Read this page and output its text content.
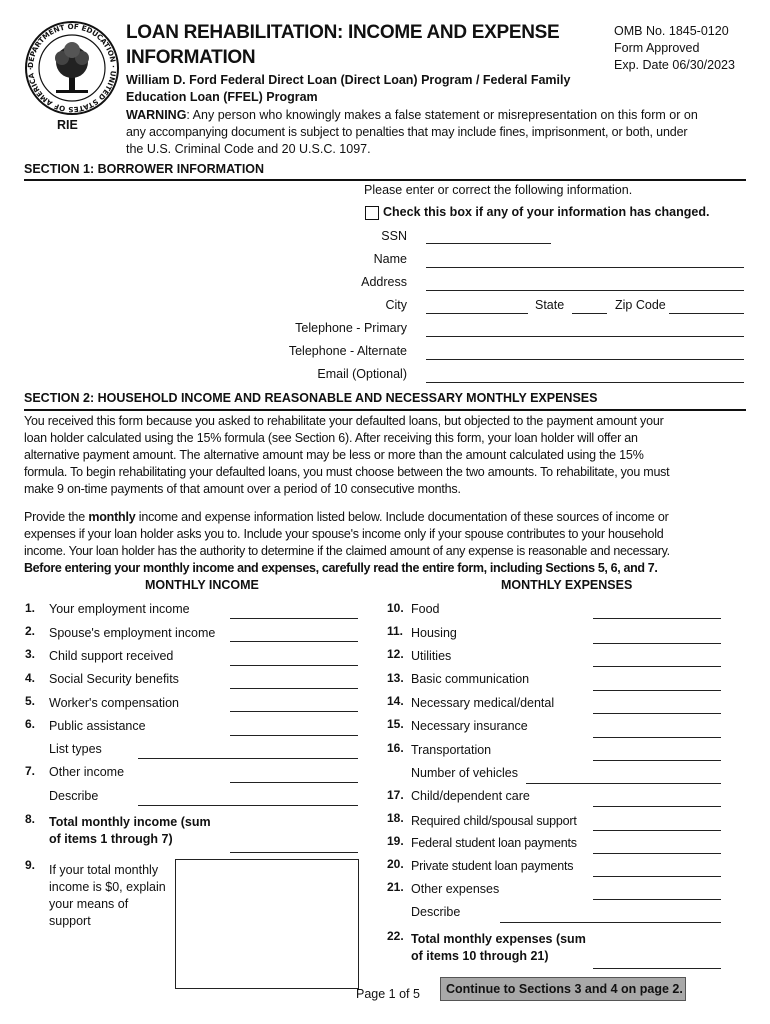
DEPARTMENT OF EDUCATION · UNITED STATES OF AMERICA ·
RIE
LOAN REHABILITATION: INCOME AND EXPENSE
INFORMATION
OMB No. 1845-0120
Form Approved
Exp. Date 06/30/2023
William D. Ford Federal Direct Loan (Direct Loan) Program / Federal Family
Education Loan (FFEL) Program
WARNING: Any person who knowingly makes a false statement or misrepresentation on this form or on
any accompanying document is subject to penalties that may include fines, imprisonment, or both, under
the U.S. Criminal Code and 20 U.S.C. 1097.
SECTION 1: BORROWER INFORMATION
Please enter or correct the following information.
Check this box if any of your information has changed.
SSN
Name
Address
City	State	Zip Code
Telephone - Primary
Telephone - Alternate
Email (Optional)
SECTION 2: HOUSEHOLD INCOME AND REASONABLE AND NECESSARY MONTHLY EXPENSES
You received this form because you asked to rehabilitate your defaulted loans, but objected to the payment amount your
loan holder calculated using the 15% formula (see Section 6). After receiving this form, your loan holder will offer an
alternative payment amount. The alternative amount may be less or more than the amount calculated using the 15%
formula. To begin rehabilitating your defaulted loans, you must choose between the two amounts. To rehabilitate, you must
make 9 on-time payments of that amount over a period of 10 consecutive months.
Provide the monthly income and expense information listed below. Include documentation of these sources of income or
expenses if your loan holder asks you to. Include your spouse's income only if your spouse contributes to your household
income. Your loan holder has the authority to determine if the claimed amount of any expense is reasonable and necessary.
Before entering your monthly income and expenses, carefully read the entire form, including Sections 5, 6, and 7.
MONTHLY INCOME	MONTHLY EXPENSES
1. Your employment income
2. Spouse's employment income
3. Child support received
4. Social Security benefits
5. Worker's compensation
6. Public assistance
List types
7. Other income
Describe
8. Total monthly income (sum
of items 1 through 7)
9. If your total monthly
income is $0, explain
your means of
support
10. Food
11. Housing
12. Utilities
13. Basic communication
14. Necessary medical/dental
15. Necessary insurance
16. Transportation
Number of vehicles
17. Child/dependent care
18. Required child/spousal support
19. Federal student loan payments
20. Private student loan payments
21. Other expenses
Describe
22. Total monthly expenses (sum
of items 10 through 21)
Page 1 of 5 Continue to Sections 3 and 4 on page 2.
